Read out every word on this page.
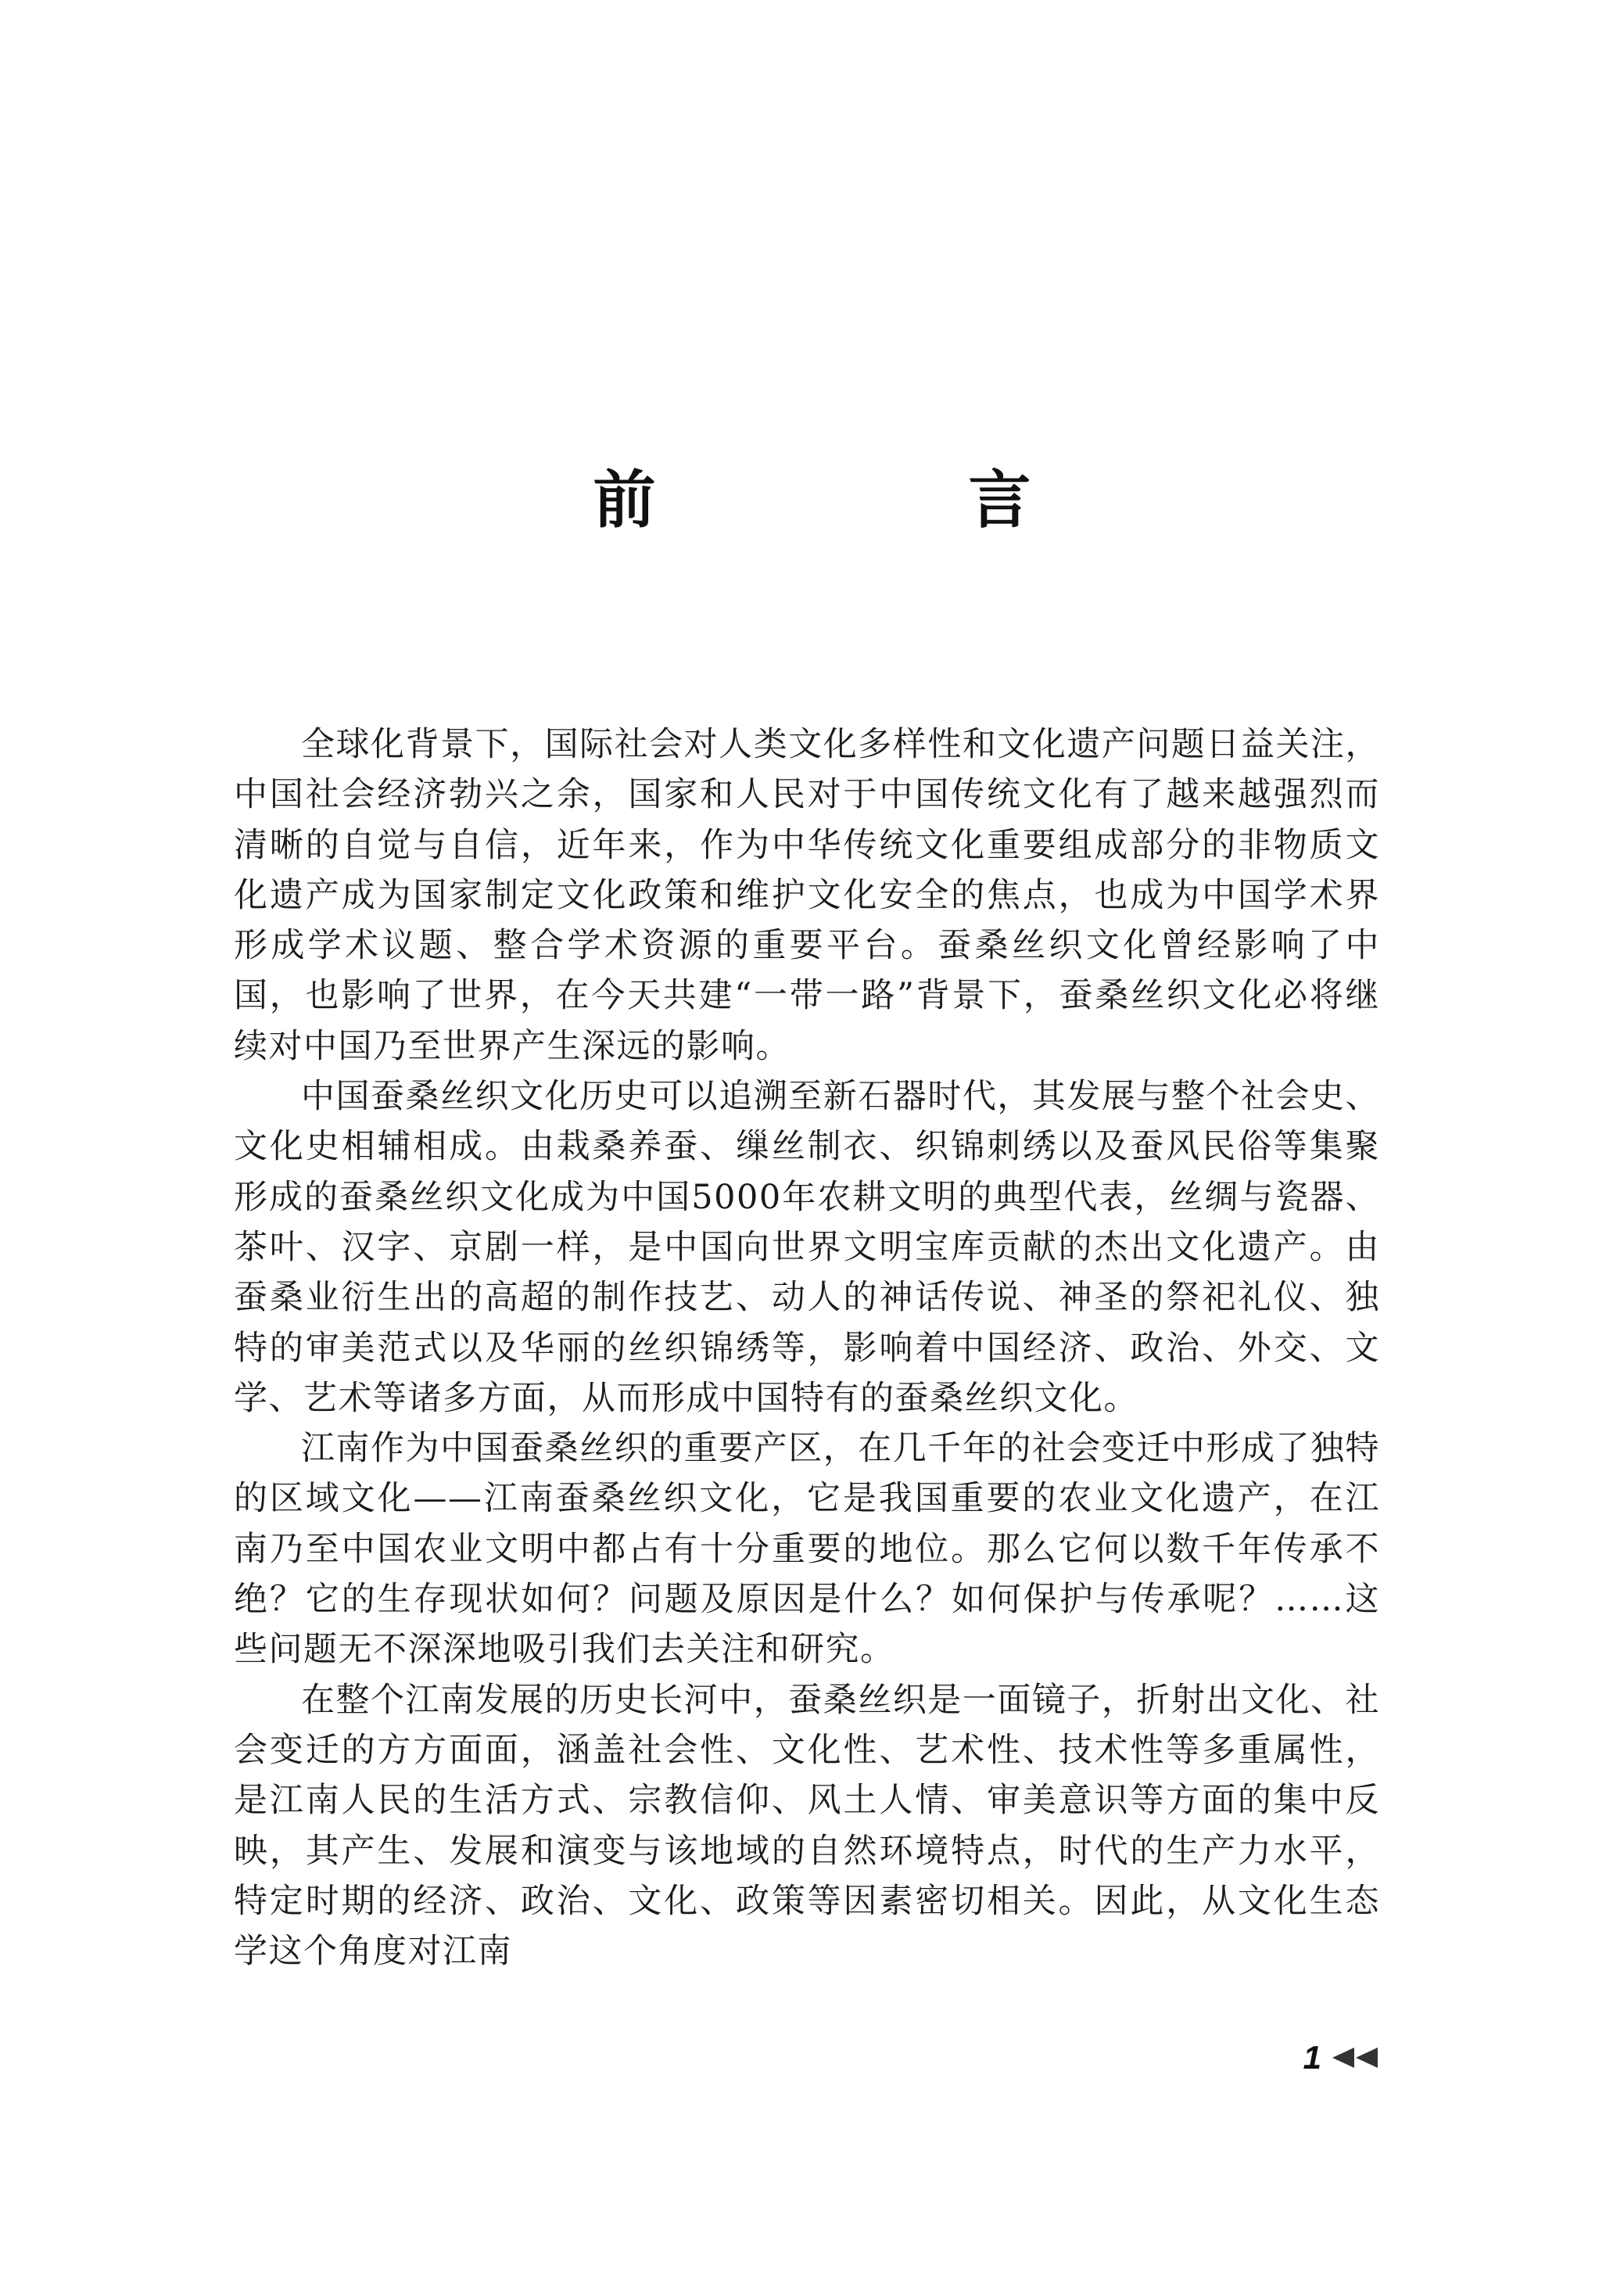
前　言

全球化背景下，国际社会对人类文化多样性和文化遗产问题日益关注，中国社会经济勃兴之余，国家和人民对于中国传统文化有了越来越强烈而清晰的自觉与自信，近年来，作为中华传统文化重要组成部分的非物质文化遗产成为国家制定文化政策和维护文化安全的焦点，也成为中国学术界形成学术议题、整合学术资源的重要平台。蚕桑丝织文化曾经影响了中国，也影响了世界，在今天共建“一带一路”背景下，蚕桑丝织文化必将继续对中国乃至世界产生深远的影响。

中国蚕桑丝织文化历史可以追溯至新石器时代，其发展与整个社会史、文化史相辅相成。由栽桑养蚕、缫丝制衣、织锦刺绣以及蚕风民俗等集聚形成的蚕桑丝织文化成为中国5000年农耕文明的典型代表，丝绸与瓷器、茶叶、汉字、京剧一样，是中国向世界文明宝库贡献的杰出文化遗产。由蚕桑业衍生出的高超的制作技艺、动人的神话传说、神圣的祭祀礼仪、独特的审美范式以及华丽的丝织锦绣等，影响着中国经济、政治、外交、文学、艺术等诸多方面，从而形成中国特有的蚕桑丝织文化。

江南作为中国蚕桑丝织的重要产区，在几千年的社会变迁中形成了独特的区域文化——江南蚕桑丝织文化，它是我国重要的农业文化遗产，在江南乃至中国农业文明中都占有十分重要的地位。那么它何以数千年传承不绝？它的生存现状如何？问题及原因是什么？如何保护与传承呢？……这些问题无不深深地吸引我们去关注和研究。

在整个江南发展的历史长河中，蚕桑丝织是一面镜子，折射出文化、社会变迁的方方面面，涵盖社会性、文化性、艺术性、技术性等多重属性，是江南人民的生活方式、宗教信仰、风土人情、审美意识等方面的集中反映，其产生、发展和演变与该地域的自然环境特点，时代的生产力水平，特定时期的经济、政治、文化、政策等因素密切相关。因此，从文化生态学这个角度对江南

1
